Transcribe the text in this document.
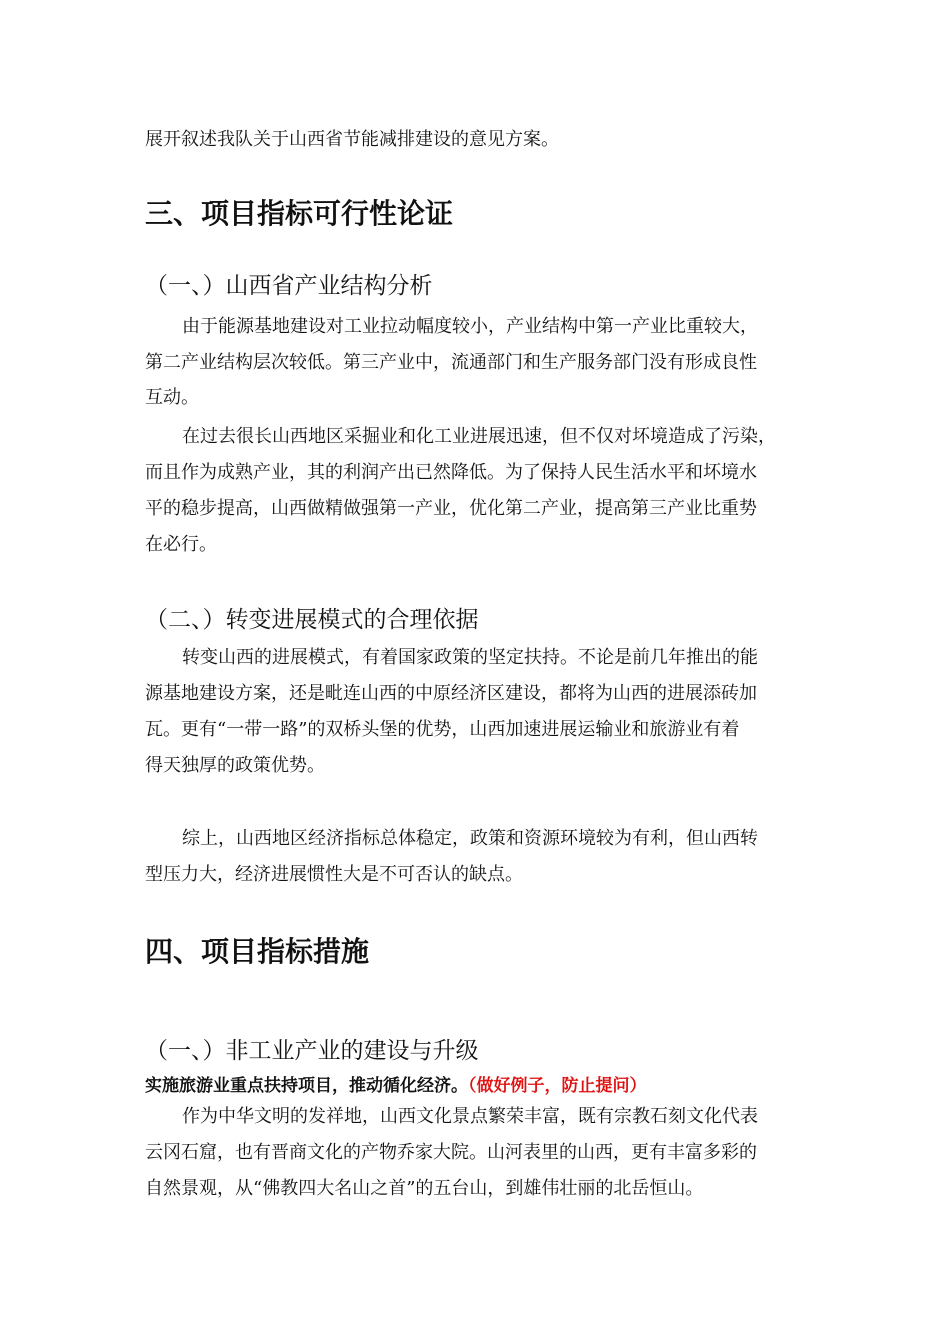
展开叙述我队关于山西省节能减排建设的意见方案。
三、项目指标可行性论证
（一、）山西省产业结构分析
由于能源基地建设对工业拉动幅度较小，产业结构中第一产业比重较大，
第二产业结构层次较低。第三产业中，流通部门和生产服务部门没有形成良性
互动。
在过去很长山西地区采掘业和化工业进展迅速，但不仅对坏境造成了污染，
而且作为成熟产业，其的利润产出已然降低。为了保持人民生活水平和坏境水
平的稳步提高，山西做精做强第一产业，优化第二产业，提高第三产业比重势
在必行。
（二、）转变进展模式的合理依据
转变山西的进展模式，有着国家政策的坚定扶持。不论是前几年推出的能
源基地建设方案，还是毗连山西的中原经济区建设，都将为山西的进展添砖加
瓦。更有“一带一路”的双桥头堡的优势，山西加速进展运输业和旅游业有着
得天独厚的政策优势。
综上，山西地区经济指标总体稳定，政策和资源环境较为有利，但山西转
型压力大，经济进展惯性大是不可否认的缺点。
四、项目指标措施
（一、）非工业产业的建设与升级
实施旅游业重点扶持项目，推动循化经济。（做好例子，防止提问）
作为中华文明的发祥地，山西文化景点繁荣丰富，既有宗教石刻文化代表
云冈石窟，也有晋商文化的产物乔家大院。山河表里的山西，更有丰富多彩的
自然景观，从“佛教四大名山之首”的五台山，到雄伟壮丽的北岳恒山。
